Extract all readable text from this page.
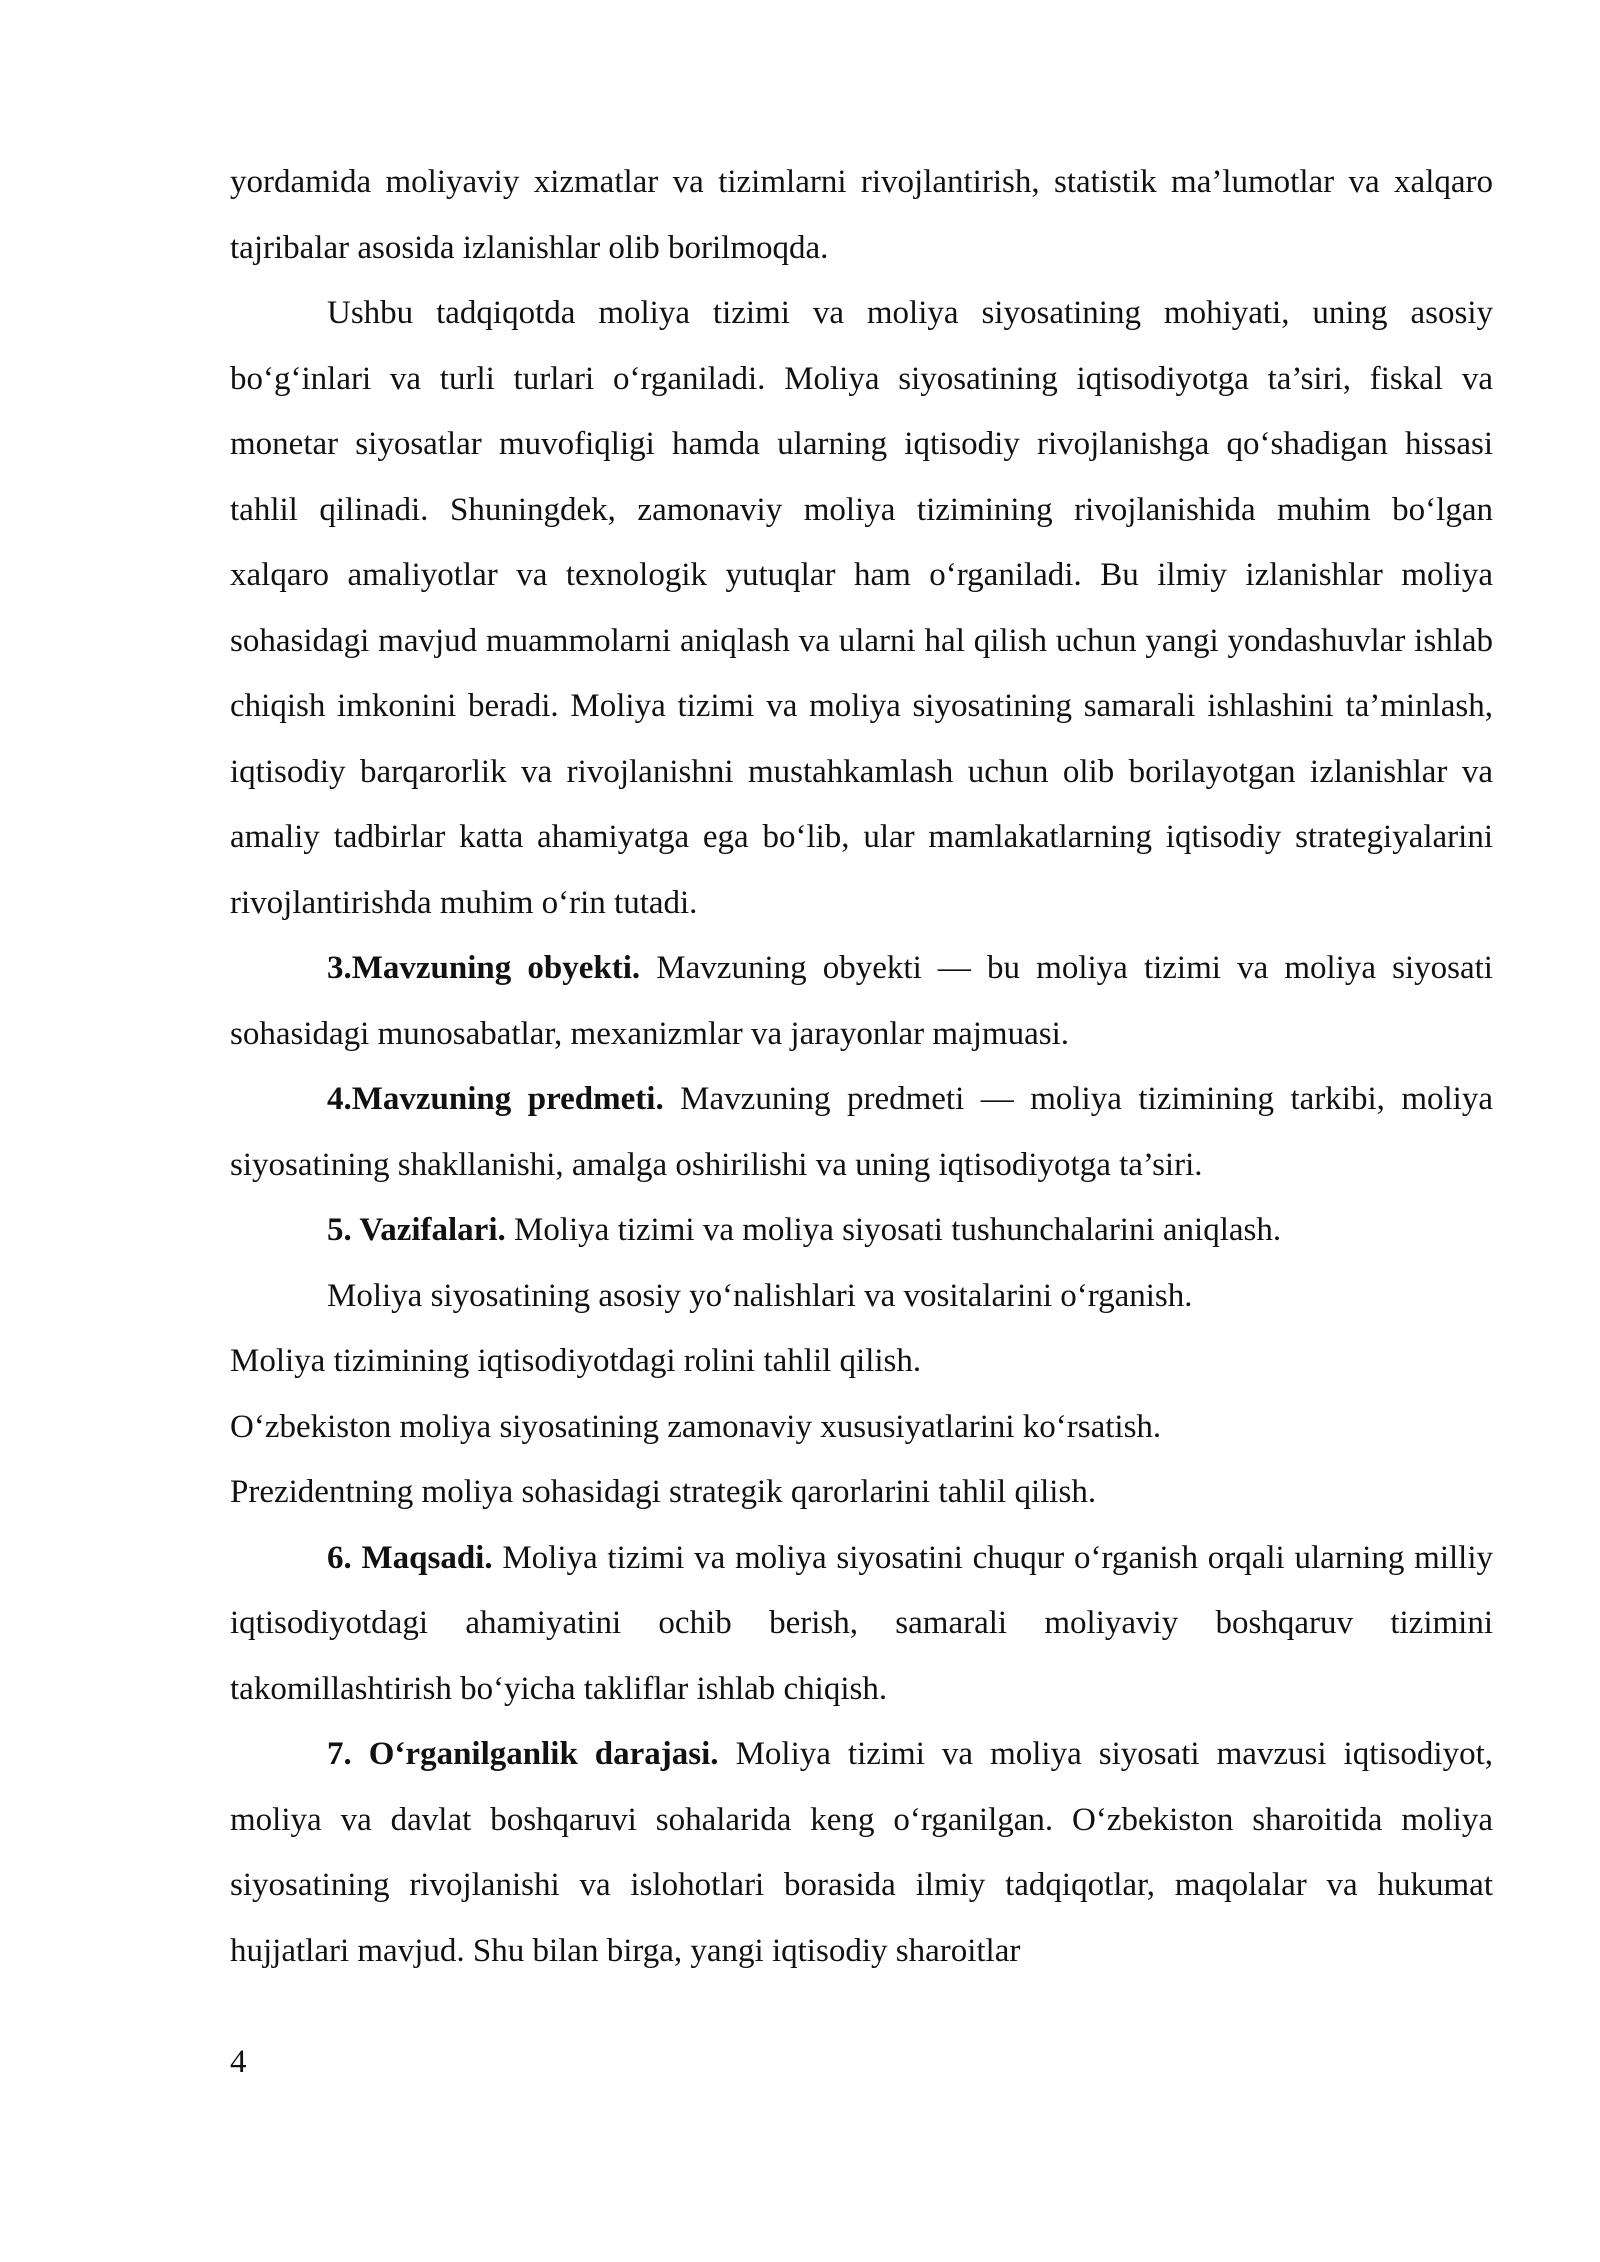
yordamida moliyaviy xizmatlar va tizimlarni rivojlantirish, statistik ma’lumotlar va xalqaro tajribalar asosida izlanishlar olib borilmoqda.

Ushbu tadqiqotda moliya tizimi va moliya siyosatining mohiyati, uning asosiy bo‘g‘inlari va turli turlari o‘rganiladi. Moliya siyosatining iqtisodiyotga ta’siri, fiskal va monetar siyosatlar muvofiqligi hamda ularning iqtisodiy rivojlanishga qo‘shadigan hissasi tahlil qilinadi. Shuningdek, zamonaviy moliya tizimining rivojlanishida muhim bo‘lgan xalqaro amaliyotlar va texnologik yutuqlar ham o‘rganiladi. Bu ilmiy izlanishlar moliya sohasidagi mavjud muammolarni aniqlash va ularni hal qilish uchun yangi yondashuvlar ishlab chiqish imkonini beradi. Moliya tizimi va moliya siyosatining samarali ishlashini ta’minlash, iqtisodiy barqarorlik va rivojlanishni mustahkamlash uchun olib borilayotgan izlanishlar va amaliy tadbirlar katta ahamiyatga ega bo‘lib, ular mamlakatlarning iqtisodiy strategiyalarini rivojlantirishda muhim o‘rin tutadi.

3.Mavzuning obyekti. Mavzuning obyekti — bu moliya tizimi va moliya siyosati sohasidagi munosabatlar, mexanizmlar va jarayonlar majmuasi.

4.Mavzuning predmeti. Mavzuning predmeti — moliya tizimining tarkibi, moliya siyosatining shakllanishi, amalga oshirilishi va uning iqtisodiyotga ta’siri.

5. Vazifalari. Moliya tizimi va moliya siyosati tushunchalarini aniqlash.

Moliya siyosatining asosiy yo‘nalishlari va vositalarini o‘rganish.

Moliya tizimining iqtisodiyotdagi rolini tahlil qilish.

O‘zbekiston moliya siyosatining zamonaviy xususiyatlarini ko‘rsatish.

Prezidentning moliya sohasidagi strategik qarorlarini tahlil qilish.

6. Maqsadi. Moliya tizimi va moliya siyosatini chuqur o‘rganish orqali ularning milliy iqtisodiyotdagi ahamiyatini ochib berish, samarali moliyaviy boshqaruv tizimini takomillashtirish bo‘yicha takliflar ishlab chiqish.

7. O‘rganilganlik darajasi. Moliya tizimi va moliya siyosati mavzusi iqtisodiyot, moliya va davlat boshqaruvi sohalarida keng o‘rganilgan. O‘zbekiston sharoitida moliya siyosatining rivojlanishi va islohotlari borasida ilmiy tadqiqotlar, maqolalar va hukumat hujjatlari mavjud. Shu bilan birga, yangi iqtisodiy sharoitlar

4
